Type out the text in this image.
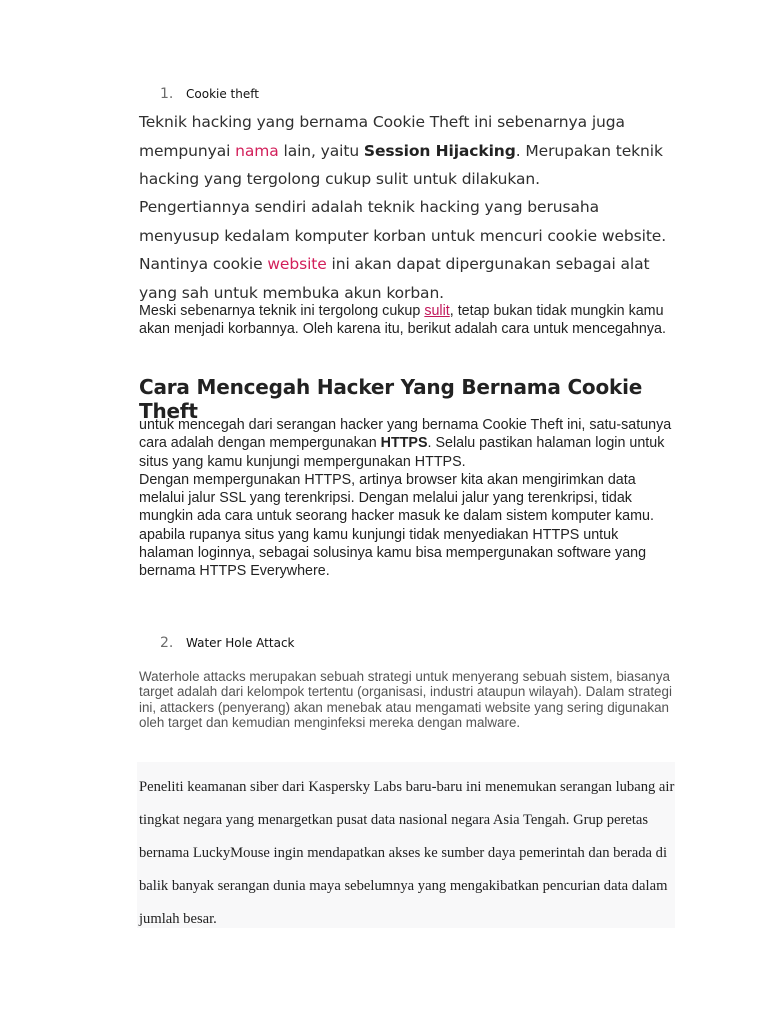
1.	Cookie theft

Teknik hacking yang bernama Cookie Theft ini sebenarnya juga mempunyai nama lain, yaitu Session Hijacking. Merupakan teknik hacking yang tergolong cukup sulit untuk dilakukan.

Pengertiannya sendiri adalah teknik hacking yang berusaha menyusup kedalam komputer korban untuk mencuri cookie website. Nantinya cookie website ini akan dapat dipergunakan sebagai alat yang sah untuk membuka akun korban.

Meski sebenarnya teknik ini tergolong cukup sulit, tetap bukan tidak mungkin kamu akan menjadi korbannya. Oleh karena itu, berikut adalah cara untuk mencegahnya.

Cara Mencegah Hacker Yang Bernama Cookie Theft

untuk mencegah dari serangan hacker yang bernama Cookie Theft ini, satu-satunya cara adalah dengan mempergunakan HTTPS. Selalu pastikan halaman login untuk situs yang kamu kunjungi mempergunakan HTTPS.

Dengan mempergunakan HTTPS, artinya browser kita akan mengirimkan data melalui jalur SSL yang terenkripsi. Dengan melalui jalur yang terenkripsi, tidak mungkin ada cara untuk seorang hacker masuk ke dalam sistem komputer kamu.

apabila rupanya situs yang kamu kunjungi tidak menyediakan HTTPS untuk halaman loginnya, sebagai solusinya kamu bisa mempergunakan software yang bernama HTTPS Everywhere.

2.	Water Hole Attack

Waterhole attacks merupakan sebuah strategi untuk menyerang sebuah sistem, biasanya target adalah dari kelompok tertentu (organisasi, industri ataupun wilayah). Dalam strategi ini, attackers (penyerang) akan menebak atau mengamati website yang sering digunakan oleh target dan kemudian menginfeksi mereka dengan malware.

Peneliti keamanan siber dari Kaspersky Labs baru-baru ini menemukan serangan lubang air tingkat negara yang menargetkan pusat data nasional negara Asia Tengah. Grup peretas bernama LuckyMouse ingin mendapatkan akses ke sumber daya pemerintah dan berada di balik banyak serangan dunia maya sebelumnya yang mengakibatkan pencurian data dalam jumlah besar.
